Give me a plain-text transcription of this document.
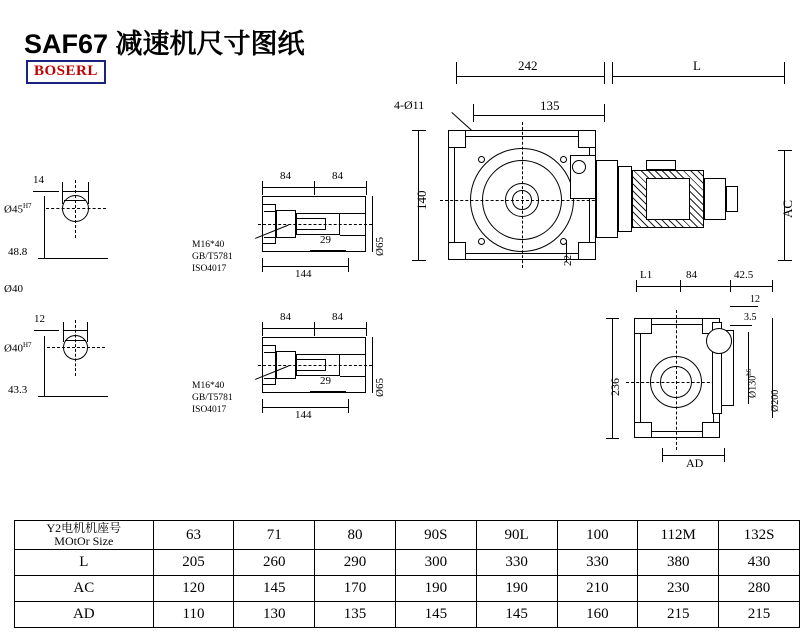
SAF67 减速机尺寸图纸
BOSERL
14
$Ø45^{H7}$
48.8
Ø40
12
$Ø40^{H7}$
43.3
84	84
M16*40
GB/T5781
ISO4017
29
144
Ø65
84	84
M16*40
GB/T5781
ISO4017
29
144
Ø65
242	L
135
4-Ø11
140
22
AC
L1	84	42.5
12
3.5
$Ø130^{h6}$
Ø200
236
AD
Y2电机机座号
MOtOr Size	63	71	80	90S	90L	100	112M	132S
L	205	260	290	300	330	330	380	430
AC	120	145	170	190	190	210	230	280
AD	110	130	135	145	145	160	215	215
